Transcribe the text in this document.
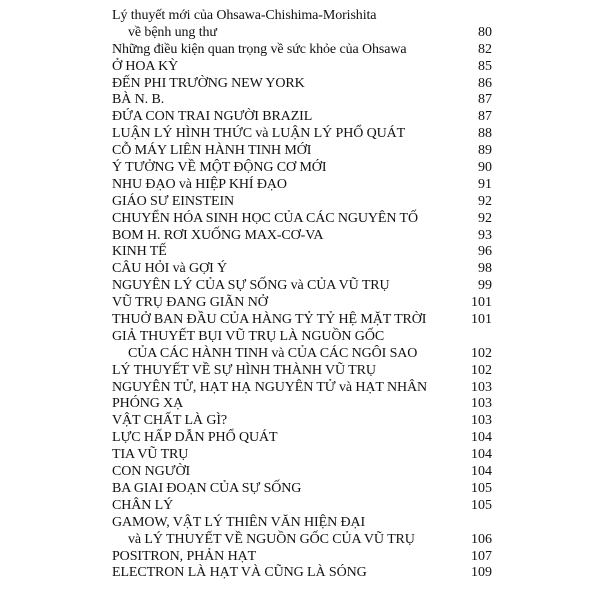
Lý thuyết mới của Ohsawa-Chishima-Morishita
về bệnh ung thư	80
Những điều kiện quan trọng về sức khỏe của Ohsawa	82
Ở HOA KỲ	85
ĐẾN PHI TRƯỜNG NEW YORK	86
BÀ N. B.	87
ĐỨA CON TRAI NGƯỜI BRAZIL	87
LUẬN LÝ HÌNH THỨC và LUẬN LÝ PHỔ QUÁT	88
CỖ MÁY LIÊN HÀNH TINH MỚI	89
Ý TƯỞNG VỀ MỘT ĐỘNG CƠ MỚI	90
NHU ĐẠO và HIỆP KHÍ ĐẠO	91
GIÁO SƯ EINSTEIN	92
CHUYỂN HÓA SINH HỌC CỦA CÁC NGUYÊN TỐ	92
BOM H. RƠI XUỐNG MAX-CƠ-VA	93
KINH TẾ	96
CÂU HỎI và GỢI Ý	98
NGUYÊN LÝ CỦA SỰ SỐNG và CỦA VŨ TRỤ	99
VŨ TRỤ ĐANG GIÃN NỞ	101
THUỞ BAN ĐẦU CỦA HÀNG TỶ TỶ HỆ MẶT TRỜI	101
GIẢ THUYẾT BỤI VŨ TRỤ LÀ NGUỒN GỐC
CỦA CÁC HÀNH TINH và CỦA CÁC NGÔI SAO	102
LÝ THUYẾT VỀ SỰ HÌNH THÀNH VŨ TRỤ	102
NGUYÊN TỬ, HẠT HẠ NGUYÊN TỬ và HẠT NHÂN	103
PHÓNG XẠ	103
VẬT CHẤT LÀ GÌ?	103
LỰC HẤP DẪN PHỔ QUÁT	104
TIA VŨ TRỤ	104
CON NGƯỜI	104
BA GIAI ĐOẠN CỦA SỰ SỐNG	105
CHÂN LÝ	105
GAMOW, VẬT LÝ THIÊN VĂN HIỆN ĐẠI
và LÝ THUYẾT VỀ NGUỒN GỐC CỦA VŨ TRỤ	106
POSITRON, PHẢN HẠT	107
ELECTRON LÀ HẠT VÀ CŨNG LÀ SÓNG	109
